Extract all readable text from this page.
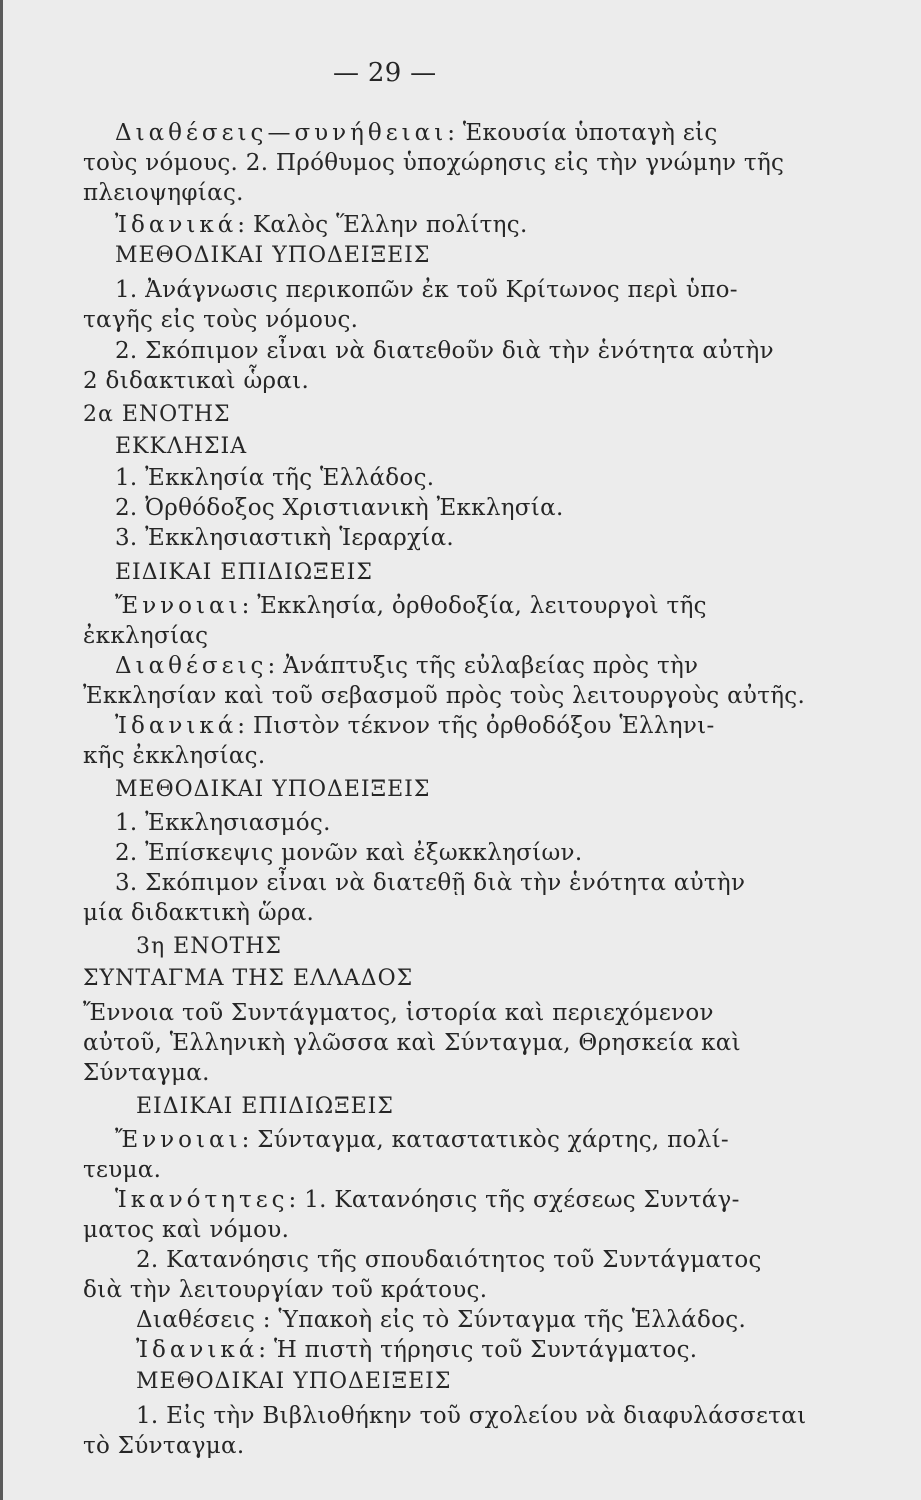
— 29 —
Διαθέσεις—συνήθειαι: Ἑκουσία ὑποταγὴ εἰς
τοὺς νόμους. 2. Πρόθυμος ὑποχώρησις εἰς τὴν γνώμην τῆς
πλειοψηφίας.
Ἰδανικά: Καλὸς Ἕλλην πολίτης.
ΜΕΘΟΔΙΚΑΙ ΥΠΟΔΕΙΞΕΙΣ
1. Ἀνάγνωσις περικοπῶν ἐκ τοῦ Κρίτωνος περὶ ὑπο-
ταγῆς εἰς τοὺς νόμους.
2. Σκόπιμον εἶναι νὰ διατεθοῦν διὰ τὴν ἑνότητα αὐτὴν
2 διδακτικαὶ ὧραι.
2α ΕΝΟΤΗΣ
ΕΚΚΛΗΣΙΑ
1. Ἐκκλησία τῆς Ἑλλάδος.
2. Ὀρθόδοξος Χριστιανικὴ Ἐκκλησία.
3. Ἐκκλησιαστικὴ Ἱεραρχία.
ΕΙΔΙΚΑΙ ΕΠΙΔΙΩΞΕΙΣ
Ἔννοιαι: Ἐκκλησία, ὀρθοδοξία, λειτουργοὶ τῆς
ἐκκλησίας
Διαθέσεις: Ἀνάπτυξις τῆς εὐλαβείας πρὸς τὴν
Ἐκκλησίαν καὶ τοῦ σεβασμοῦ πρὸς τοὺς λειτουργοὺς αὐτῆς.
Ἰδανικά: Πιστὸν τέκνον τῆς ὀρθοδόξου Ἑλληνι-
κῆς ἐκκλησίας.
ΜΕΘΟΔΙΚΑΙ ΥΠΟΔΕΙΞΕΙΣ
1. Ἐκκλησιασμός.
2. Ἐπίσκεψις μονῶν καὶ ἐξωκκλησίων.
3. Σκόπιμον εἶναι νὰ διατεθῇ διὰ τὴν ἑνότητα αὐτὴν
μία διδακτικὴ ὥρα.
3η ΕΝΟΤΗΣ
ΣΥΝΤΑΓΜΑ ΤΗΣ ΕΛΛΑΔΟΣ
Ἔννοια τοῦ Συντάγματος, ἱστορία καὶ περιεχόμενον
αὐτοῦ, Ἑλληνικὴ γλῶσσα καὶ Σύνταγμα, Θρησκεία καὶ
Σύνταγμα.
ΕΙΔΙΚΑΙ ΕΠΙΔΙΩΞΕΙΣ
Ἔννοιαι: Σύνταγμα, καταστατικὸς χάρτης, πολί-
τευμα.
Ἱκανότητες: 1. Κατανόησις τῆς σχέσεως Συντάγ-
ματος καὶ νόμου.
2. Κατανόησις τῆς σπουδαιότητος τοῦ Συντάγματος
διὰ τὴν λειτουργίαν τοῦ κράτους.
Διαθέσεις : Ὑπακοὴ εἰς τὸ Σύνταγμα τῆς Ἑλλάδος.
Ἰδανικά: Ἡ πιστὴ τήρησις τοῦ Συντάγματος.
ΜΕΘΟΔΙΚΑΙ ΥΠΟΔΕΙΞΕΙΣ
1. Εἰς τὴν Βιβλιοθήκην τοῦ σχολείου νὰ διαφυλάσσεται
τὸ Σύνταγμα.
